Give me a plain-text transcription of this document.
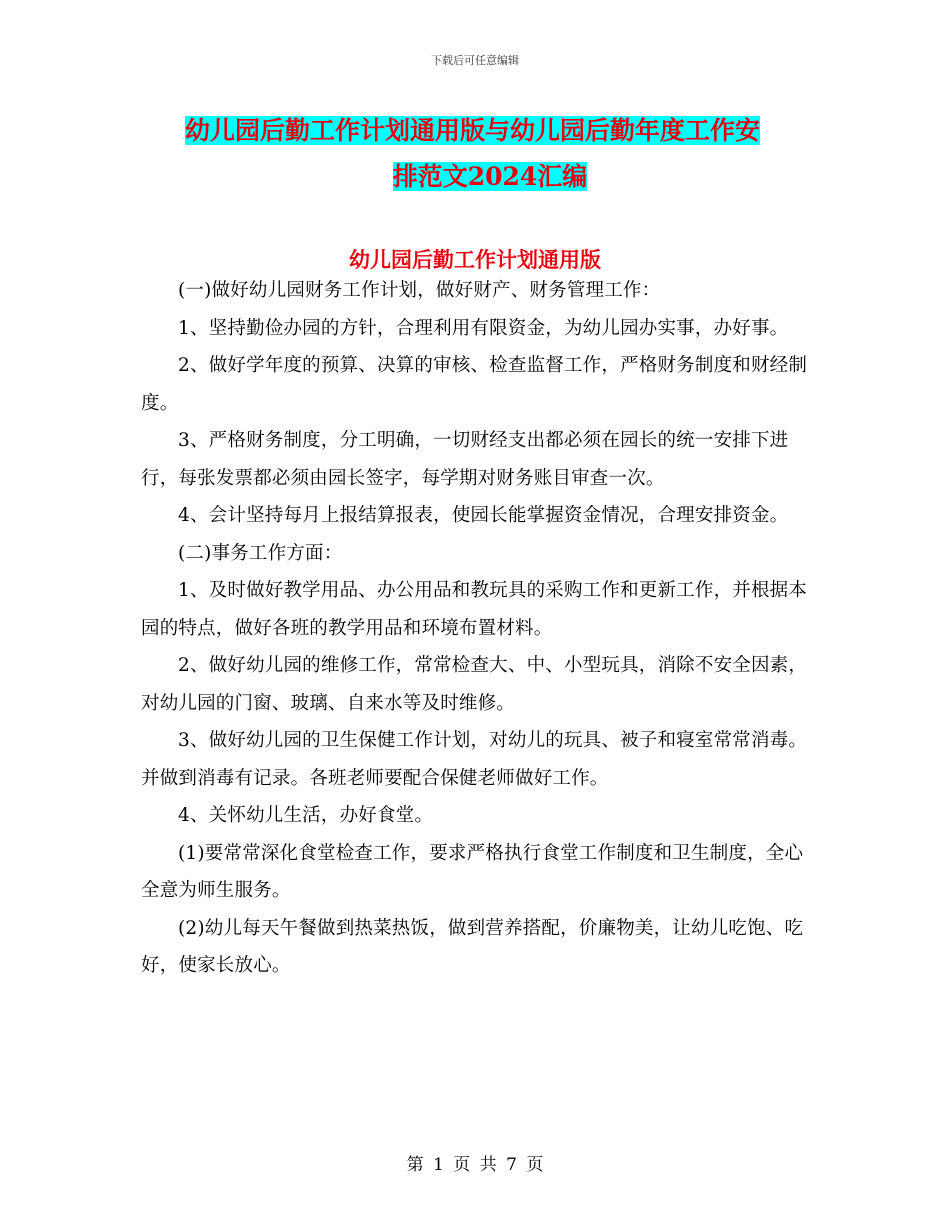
下载后可任意编辑
幼儿园后勤工作计划通用版与幼儿园后勤年度工作安
排范文2024汇编
幼儿园后勤工作计划通用版

(一)做好幼儿园财务工作计划，做好财产、财务管理工作：

1、坚持勤俭办园的方针，合理利用有限资金，为幼儿园办实事，办好事。

2、做好学年度的预算、决算的审核、检查监督工作，严格财务制度和财经制度。

3、严格财务制度，分工明确，一切财经支出都必须在园长的统一安排下进行，每张发票都必须由园长签字，每学期对财务账目审查一次。

4、会计坚持每月上报结算报表，使园长能掌握资金情况，合理安排资金。

(二)事务工作方面：

1、及时做好教学用品、办公用品和教玩具的采购工作和更新工作，并根据本园的特点，做好各班的教学用品和环境布置材料。

2、做好幼儿园的维修工作，常常检查大、中、小型玩具，消除不安全因素，对幼儿园的门窗、玻璃、自来水等及时维修。

3、做好幼儿园的卫生保健工作计划，对幼儿的玩具、被子和寝室常常消毒。并做到消毒有记录。各班老师要配合保健老师做好工作。

4、关怀幼儿生活，办好食堂。

(1)要常常深化食堂检查工作，要求严格执行食堂工作制度和卫生制度，全心全意为师生服务。

(2)幼儿每天午餐做到热菜热饭，做到营养搭配，价廉物美，让幼儿吃饱、吃好，使家长放心。

第 1 页 共 7 页
